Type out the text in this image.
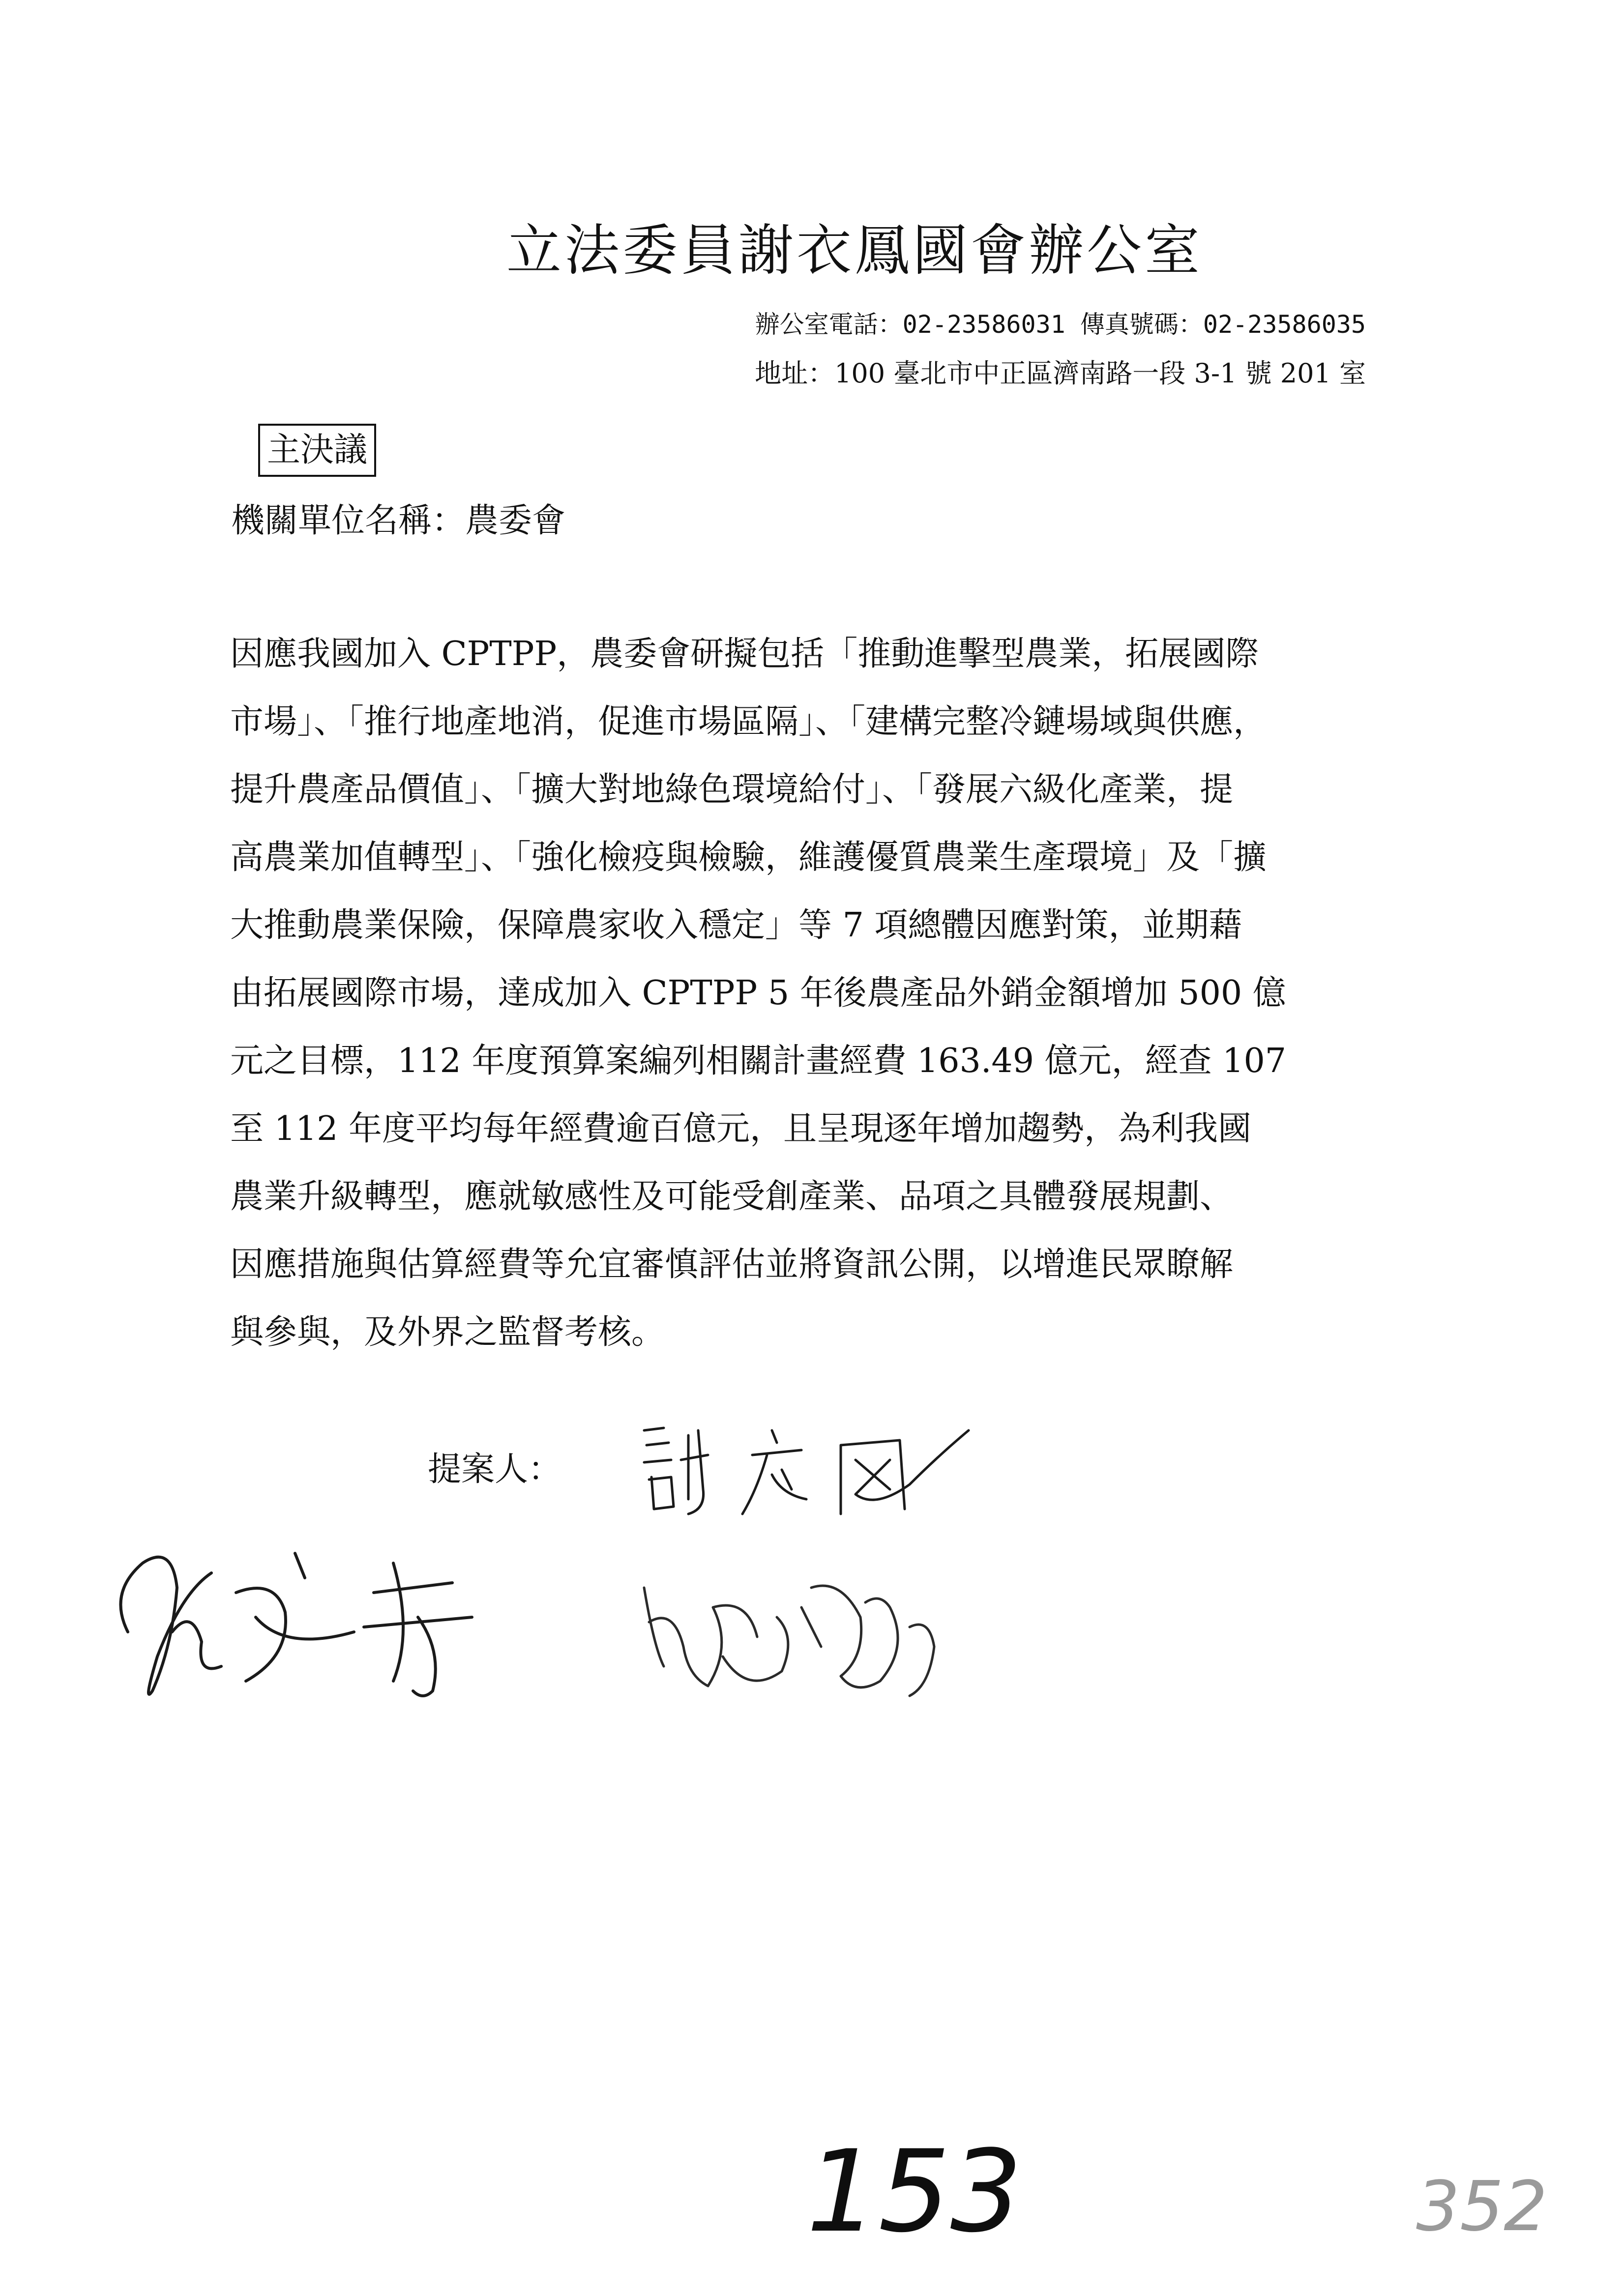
立法委員謝衣鳳國會辦公室
辦公室電話：02-23586031 傳真號碼：02-23586035
地址：100 臺北市中正區濟南路一段 3-1 號 201 室
主決議
機關單位名稱：農委會
因應我國加入 CPTPP，農委會研擬包括「推動進擊型農業，拓展國際
市場」、「推行地產地消，促進市場區隔」、「建構完整冷鏈場域與供應，
提升農產品價值」、「擴大對地綠色環境給付」、「發展六級化產業，提
高農業加值轉型」、「強化檢疫與檢驗，維護優質農業生產環境」及「擴
大推動農業保險，保障農家收入穩定」等 7 項總體因應對策，並期藉
由拓展國際市場，達成加入 CPTPP 5 年後農產品外銷金額增加 500 億
元之目標，112 年度預算案編列相關計畫經費 163.49 億元，經查 107
至 112 年度平均每年經費逾百億元，且呈現逐年增加趨勢，為利我國
農業升級轉型，應就敏感性及可能受創產業、品項之具體發展規劃、
因應措施與估算經費等允宜審慎評估並將資訊公開，以增進民眾瞭解
與參與，及外界之監督考核。
提案人：
153	352
